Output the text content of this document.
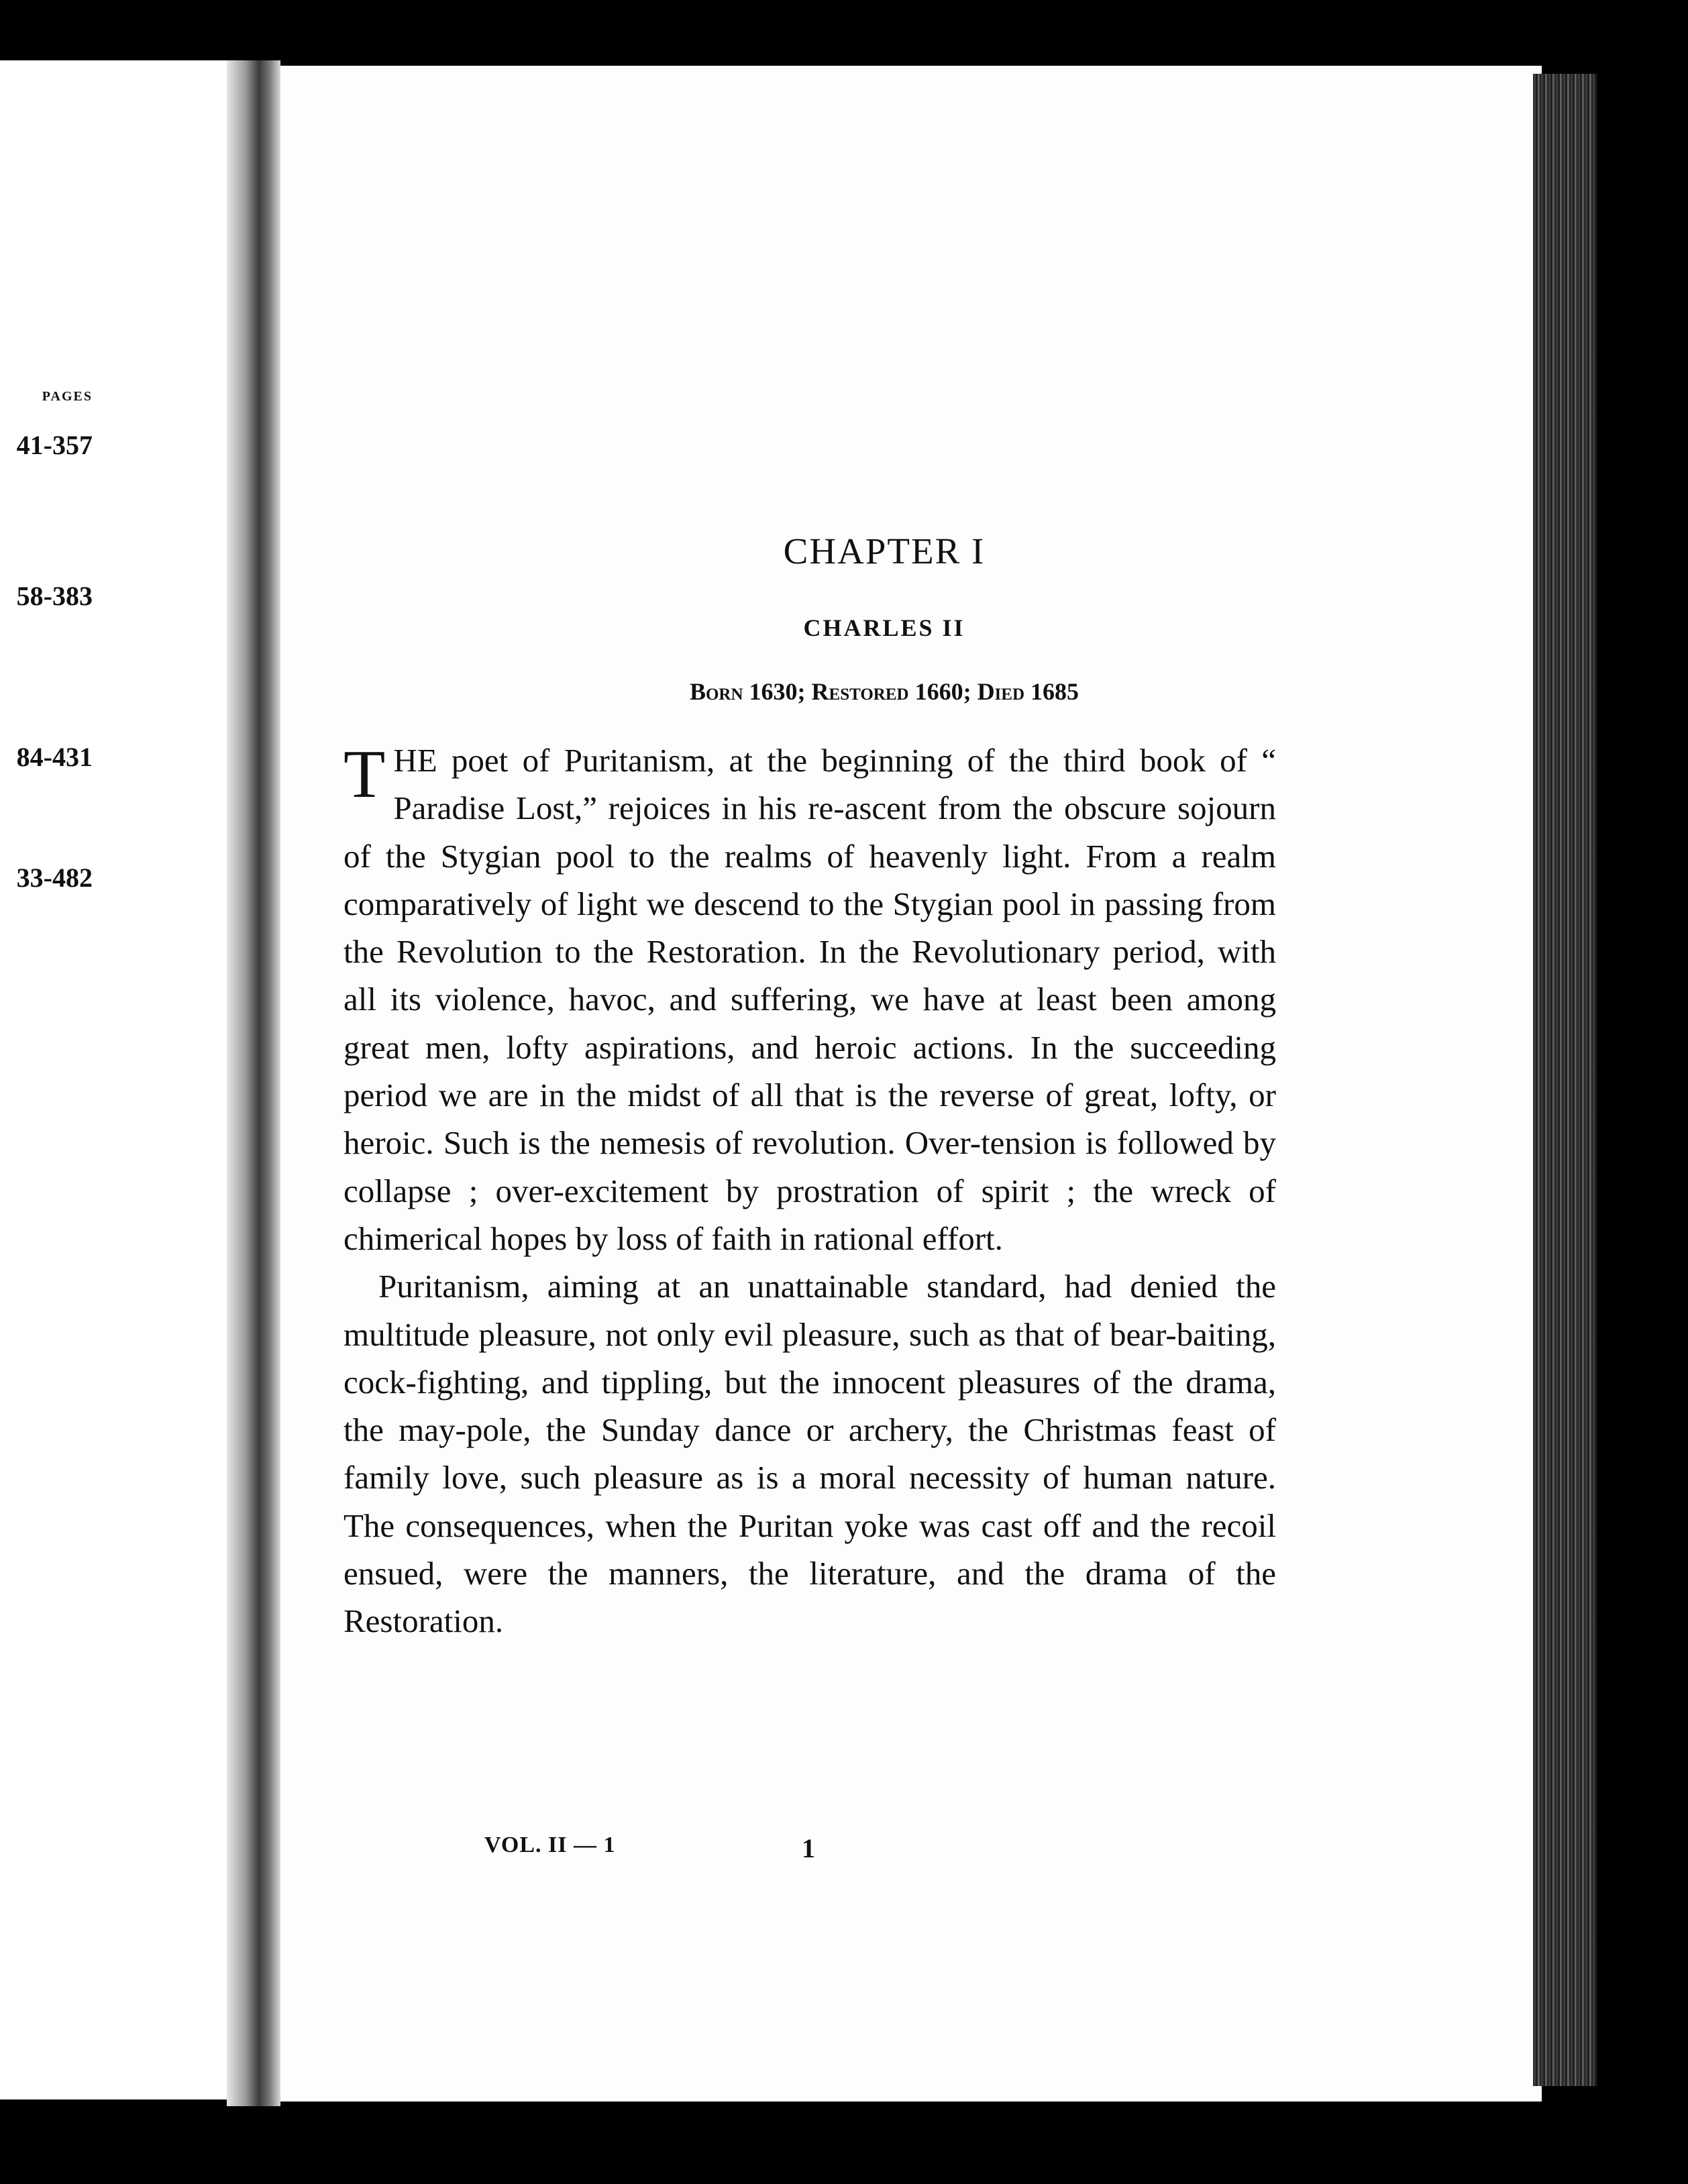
PAGES
41-357
58-383
84-431
33-482
CHAPTER I
CHARLES II
Born 1630; Restored 1660; Died 1685

THE poet of Puritanism, at the beginning of the third book of “ Paradise Lost,” rejoices in his re-ascent from the obscure sojourn of the Stygian pool to the realms of heavenly light. From a realm comparatively of light we descend to the Stygian pool in passing from the Revolution to the Restoration. In the Revolutionary period, with all its violence, havoc, and suffering, we have at least been among great men, lofty aspirations, and heroic actions. In the succeeding period we are in the midst of all that is the reverse of great, lofty, or heroic. Such is the nemesis of revolution. Over-tension is followed by collapse ; over-excitement by prostration of spirit ; the wreck of chimerical hopes by loss of faith in rational effort.

Puritanism, aiming at an unattainable standard, had denied the multitude pleasure, not only evil pleasure, such as that of bear-baiting, cock-fighting, and tippling, but the innocent pleasures of the drama, the may-pole, the Sunday dance or archery, the Christmas feast of family love, such pleasure as is a moral necessity of human nature. The consequences, when the Puritan yoke was cast off and the recoil ensued, were the manners, the literature, and the drama of the Restoration.

VOL. II — 1	1
